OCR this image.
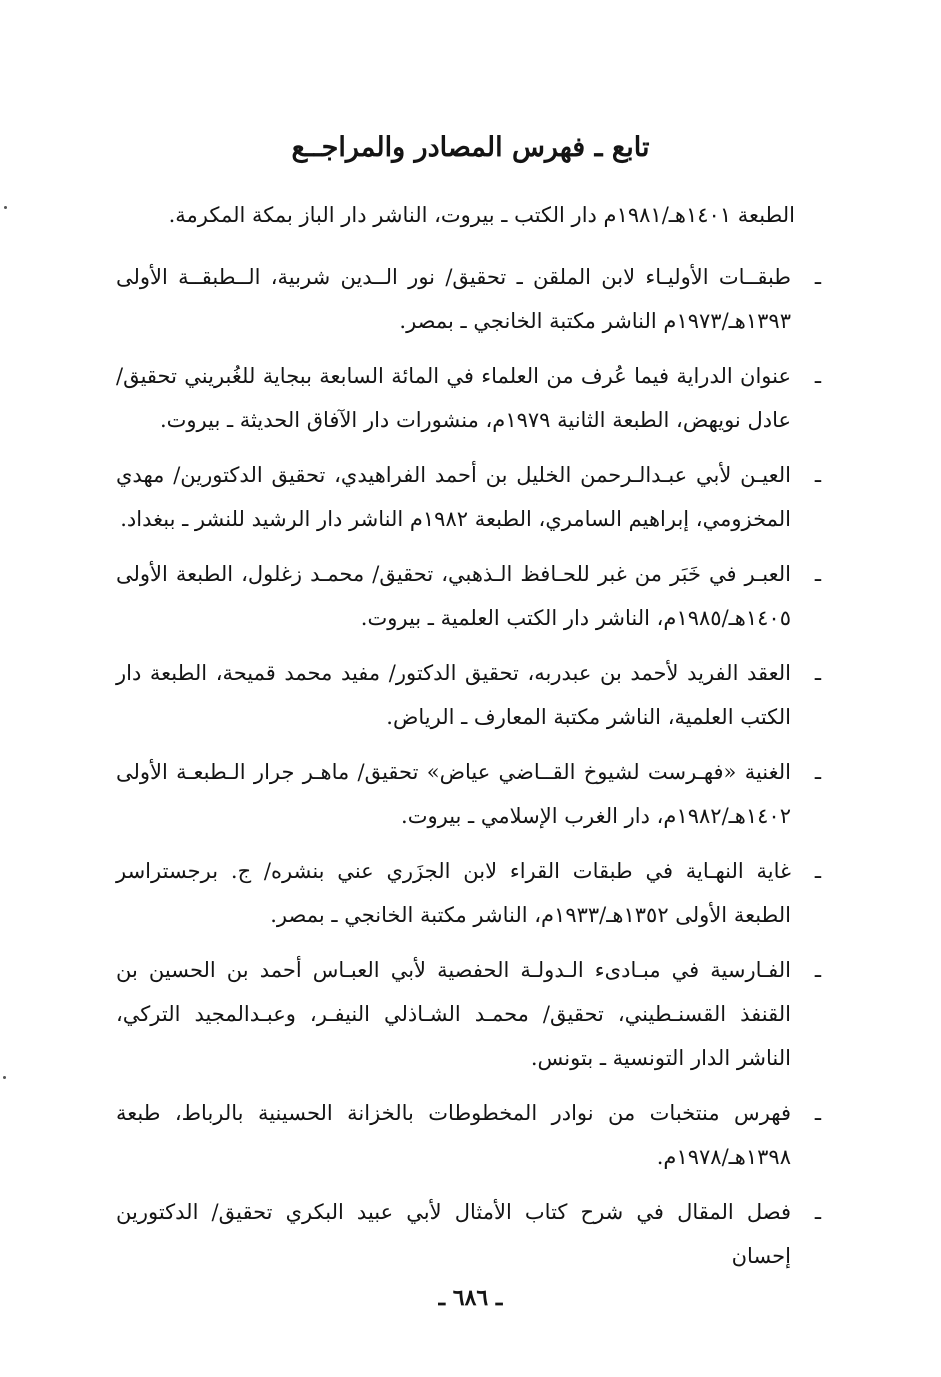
تابع ـ فهرس المصادر والمراجــع
الطبعة ١٤٠١هـ/١٩٨١م دار الكتب ـ بيروت، الناشر دار الباز بمكة المكرمة.
ـ
طبقــات الأوليـاء لابن الملقن ـ تحقيق/ نور الــدين شربية، الــطبقــة الأولى ١٣٩٣هـ/١٩٧٣م الناشر مكتبة الخانجي ـ بمصر.
ـ
عنوان الدراية فيما عُرف من العلماء في المائة السابعة ببجاية للغُبريني تحقيق/ عادل نويهض، الطبعة الثانية ١٩٧٩م، منشورات دار الآفاق الحديثة ـ بيروت.
ـ
العيـن لأبي عبـدالـرحمن الخليل بن أحمد الفراهيدي، تحقيق الدكتورين/ مهدي المخزومي، إبراهيم السامري، الطبعة ١٩٨٢م الناشر دار الرشيد للنشر ـ ببغداد.
ـ
العبـر في خَبَر من غبر للحـافظ الـذهبي، تحقيق/ محمـد زغلول، الطبعة الأولى ١٤٠٥هـ/١٩٨٥م، الناشر دار الكتب العلمية ـ بيروت.
ـ
العقد الفريد لأحمد بن عبدربه، تحقيق الدكتور/ مفيد محمد قميحة، الطبعة دار الكتب العلمية، الناشر مكتبة المعارف ـ الرياض.
ـ
الغنية «فهـرست لشيوخ القــاضي عياض» تحقيق/ ماهـر جرار الـطبعـة الأولى ١٤٠٢هـ/١٩٨٢م، دار الغرب الإسلامي ـ بيروت.
ـ
غاية النهـاية في طبقات القراء لابن الجزَري عني بنشره/ ج. برجستراسر الطبعة الأولى ١٣٥٢هـ/١٩٣٣م، الناشر مكتبة الخانجي ـ بمصر.
ـ
الفـارسية في مبـادىء الـدولـة الحفصية لأبي العبـاس أحمد بن الحسين بن القنفذ القسنـطيني، تحقيق/ محمـد الشـاذلي النيفـر، وعبـدالمجيد التركي، الناشر الدار التونسية ـ بتونس.
ـ
فهرس منتخبات من نوادر المخطوطات بالخزانة الحسينية بالرباط، طبعة ١٣٩٨هـ/١٩٧٨م.
ـ
فصل المقال في شرح كتاب الأمثال لأبي عبيد البكري تحقيق/ الدكتورين إحسان
ـ ٦٨٦ ـ
